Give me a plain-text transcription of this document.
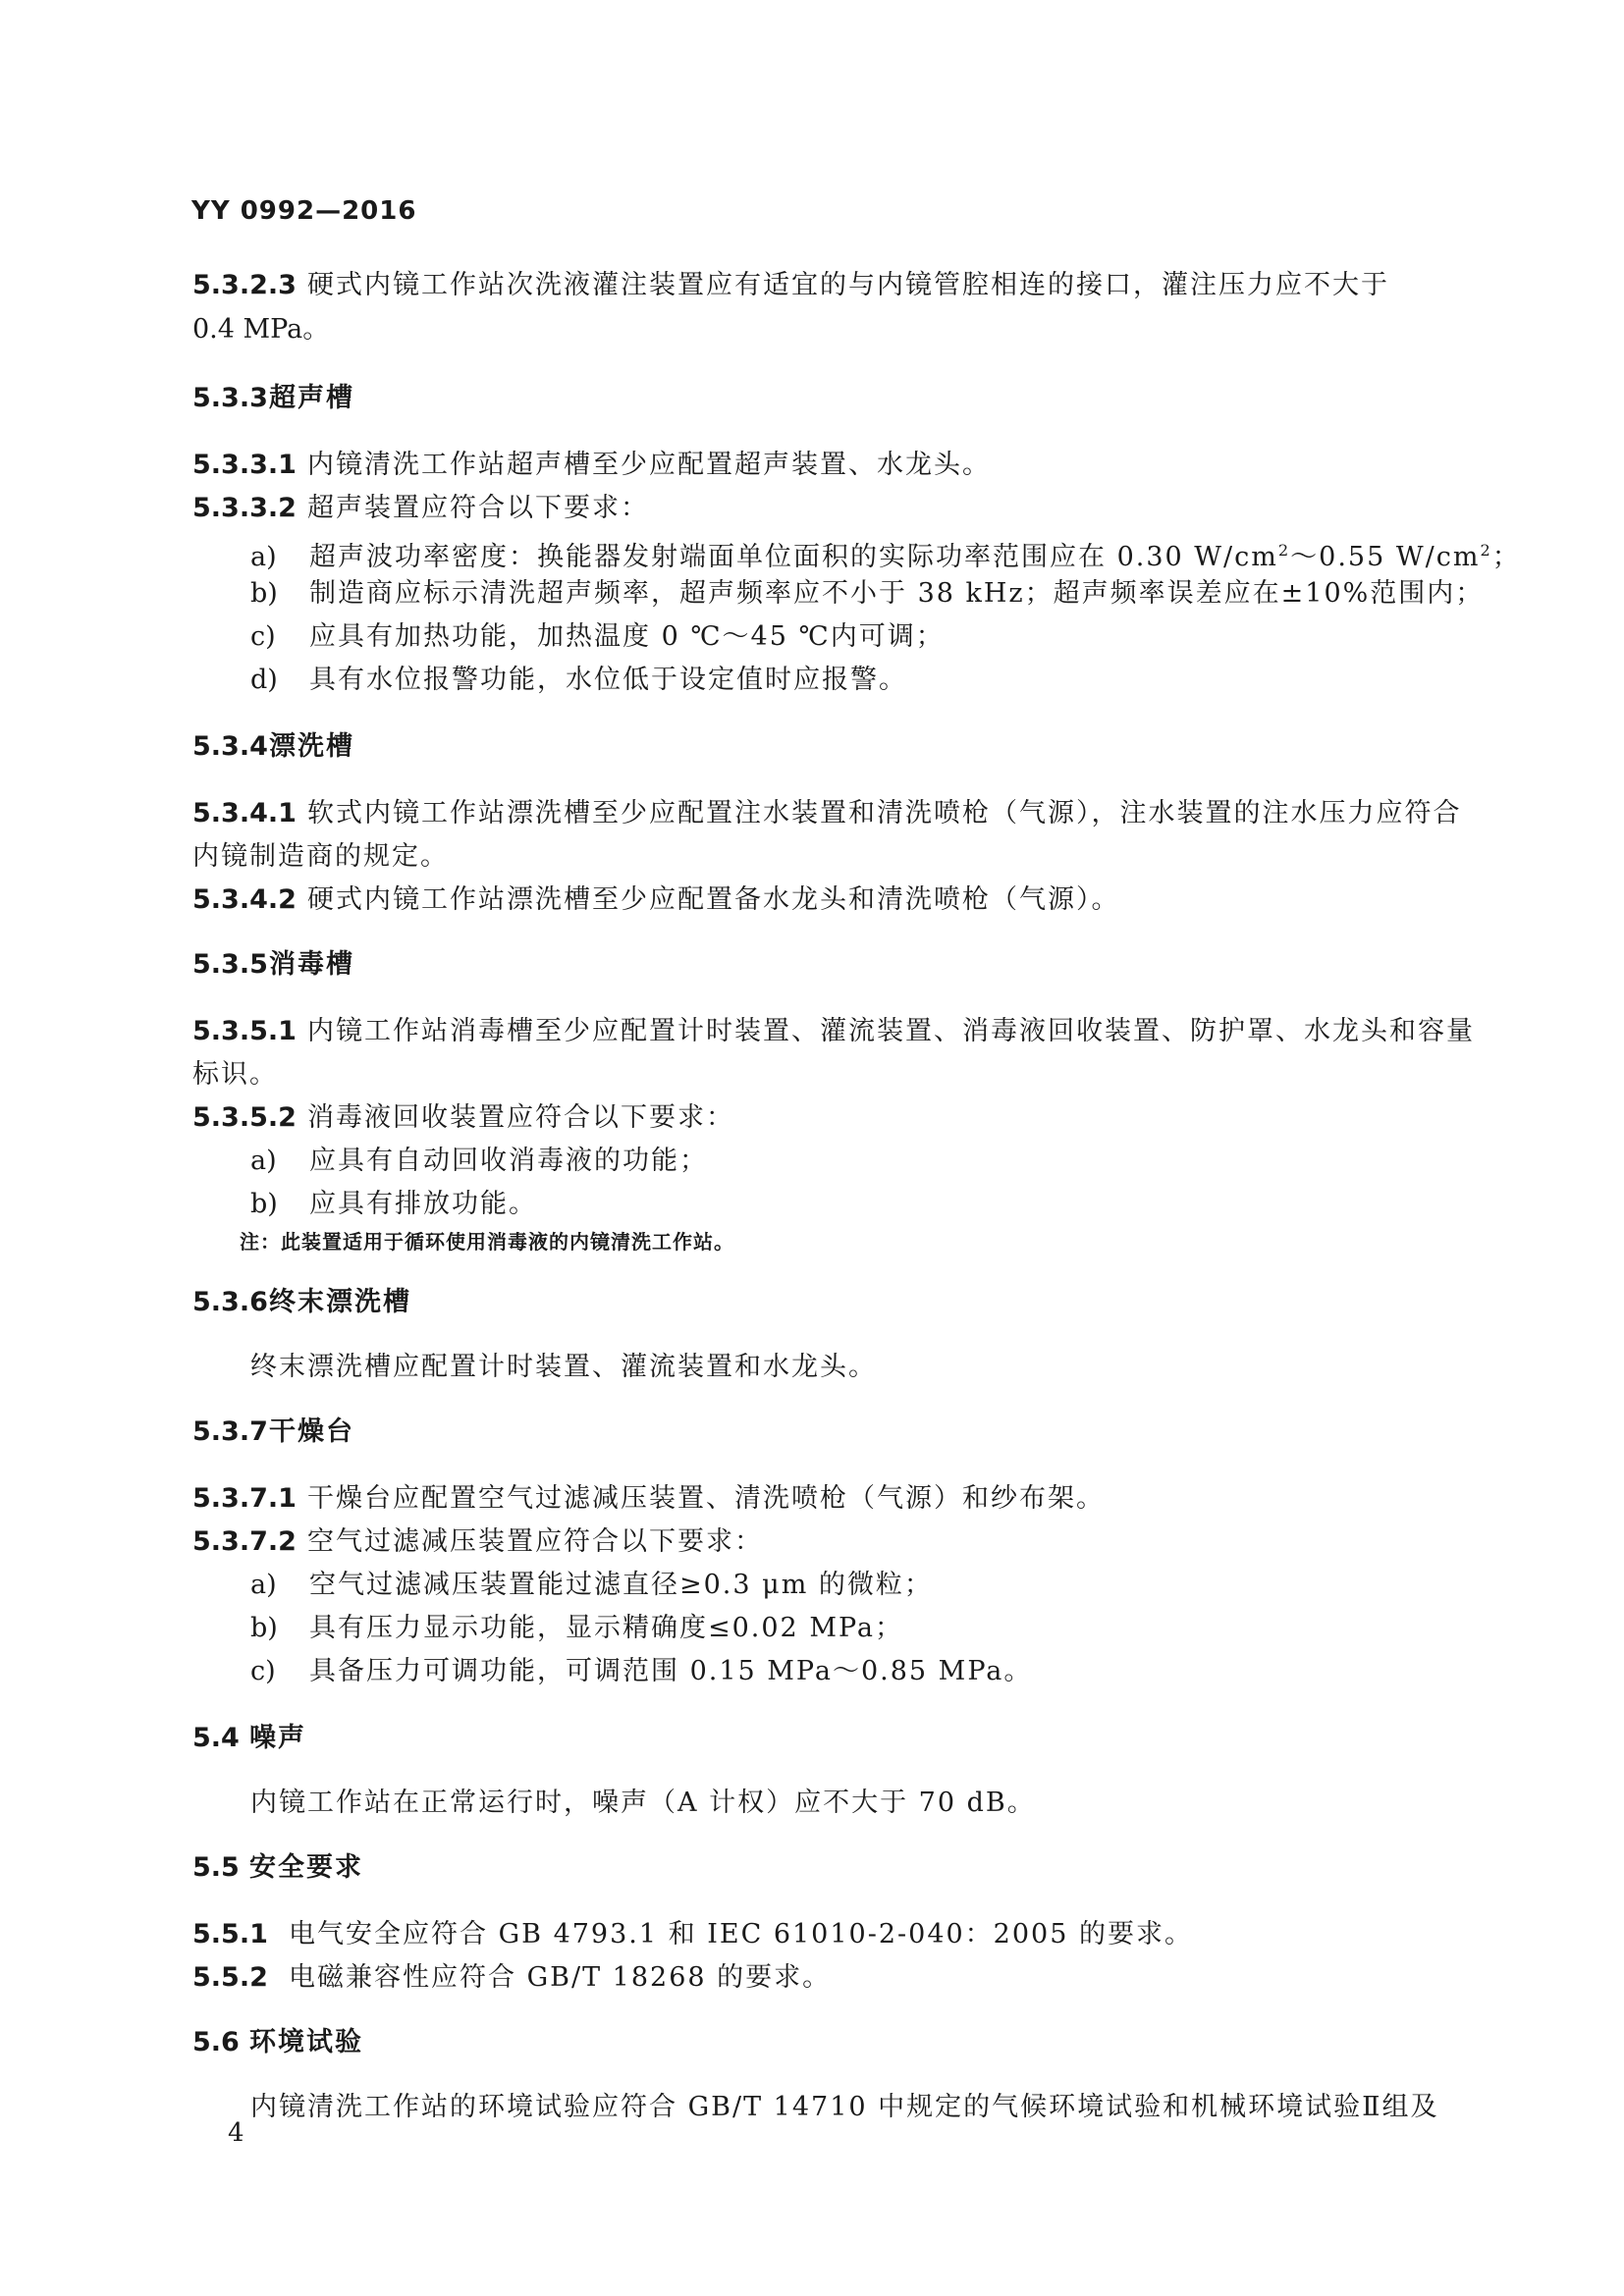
YY 0992—2016
5.3.2.3 硬式内镜工作站次洗液灌注装置应有适宜的与内镜管腔相连的接口，灌注压力应不大于
0.4 MPa。
5.3.3超声槽
5.3.3.1 内镜清洗工作站超声槽至少应配置超声装置、水龙头。
5.3.3.2 超声装置应符合以下要求：
a) 超声波功率密度：换能器发射端面单位面积的实际功率范围应在 0.30 $W/cm^2\sim 0.55$ $W/cm^2$；
b) 制造商应标示清洗超声频率，超声频率应不小于 38 kHz；超声频率误差应在±10%范围内；
c) 应具有加热功能，加热温度 0 ℃～45 ℃内可调；
d) 具有水位报警功能，水位低于设定值时应报警。
5.3.4漂洗槽
5.3.4.1 软式内镜工作站漂洗槽至少应配置注水装置和清洗喷枪（气源），注水装置的注水压力应符合
内镜制造商的规定。
5.3.4.2 硬式内镜工作站漂洗槽至少应配置备水龙头和清洗喷枪（气源）。
5.3.5消毒槽
5.3.5.1 内镜工作站消毒槽至少应配置计时装置、灌流装置、消毒液回收装置、防护罩、水龙头和容量
标识。
5.3.5.2 消毒液回收装置应符合以下要求：
a) 应具有自动回收消毒液的功能；
b) 应具有排放功能。
注：此装置适用于循环使用消毒液的内镜清洗工作站。
5.3.6终末漂洗槽
终末漂洗槽应配置计时装置、灌流装置和水龙头。
5.3.7干燥台
5.3.7.1 干燥台应配置空气过滤减压装置、清洗喷枪（气源）和纱布架。
5.3.7.2 空气过滤减压装置应符合以下要求：
a) 空气过滤减压装置能过滤直径≥0.3 μm 的微粒；
b) 具有压力显示功能，显示精确度≤0.02 MPa；
c) 具备压力可调功能，可调范围 0.15 MPa～0.85 MPa。
5.4 噪声
内镜工作站在正常运行时，噪声（A 计权）应不大于 70 dB。
5.5 安全要求
5.5.1 电气安全应符合 GB 4793.1 和 IEC 61010-2-040：2005 的要求。
5.5.2 电磁兼容性应符合 GB/T 18268 的要求。
5.6 环境试验
内镜清洗工作站的环境试验应符合 GB/T 14710 中规定的气候环境试验和机械环境试验Ⅱ组及
4
